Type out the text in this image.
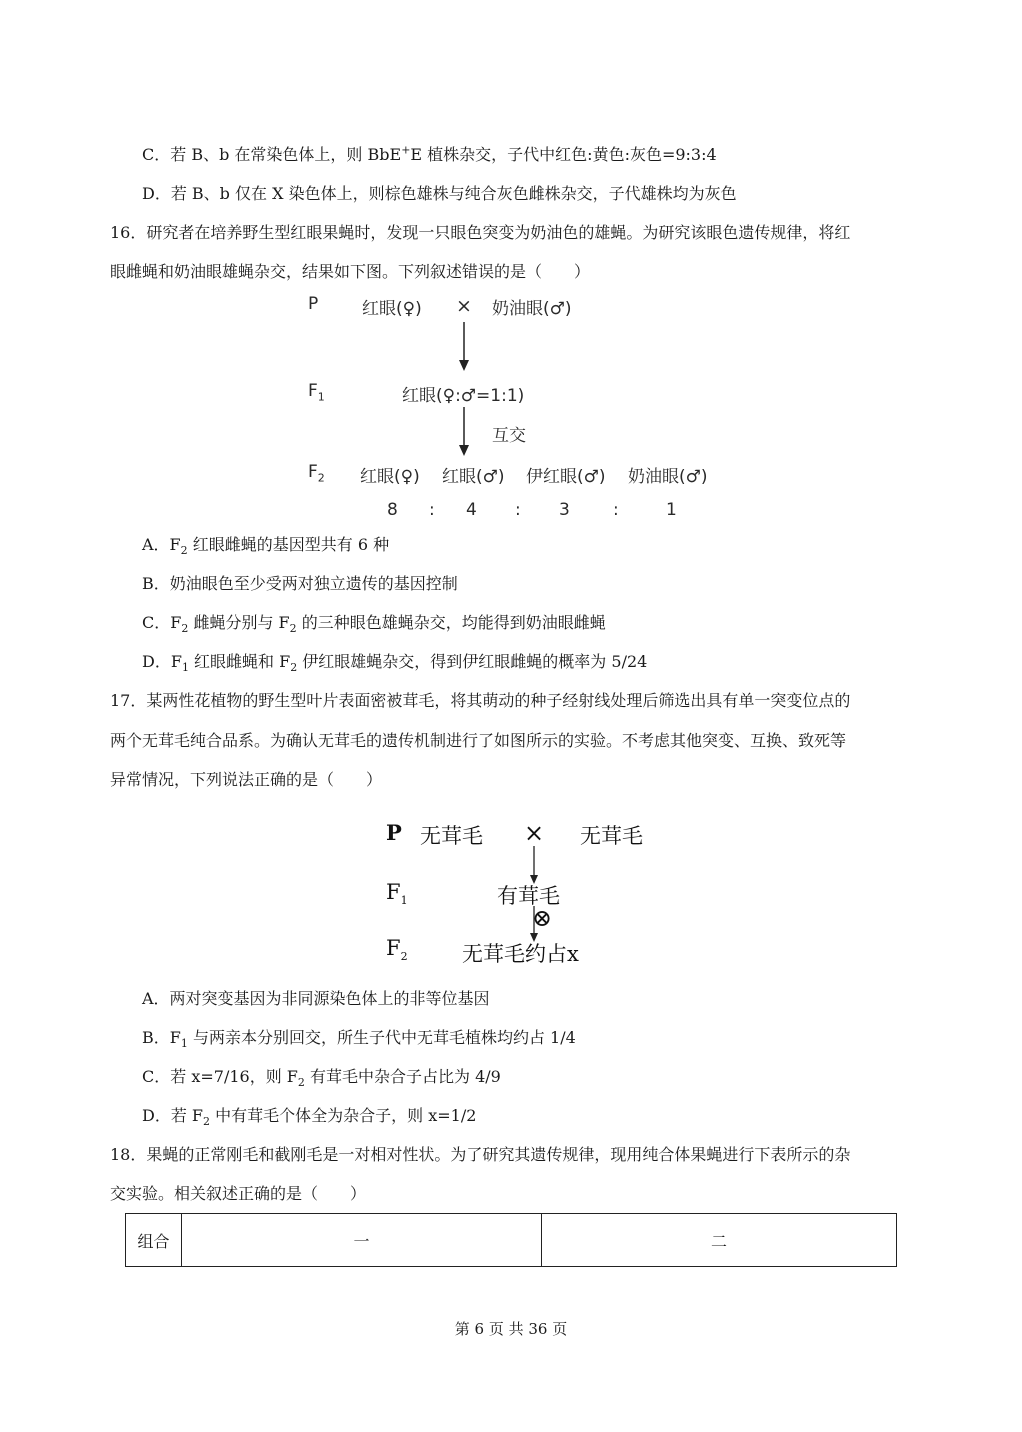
C．若 B、b 在常染色体上，则 BbE+E 植株杂交，子代中红色:黄色:灰色=9:3:4
D．若 B、b 仅在 X 染色体上，则棕色雄株与纯合灰色雌株杂交，子代雄株均为灰色
16．研究者在培养野生型红眼果蝇时，发现一只眼色突变为奶油色的雄蝇。为研究该眼色遗传规律，将红
眼雌蝇和奶油眼雄蝇杂交，结果如下图。下列叙述错误的是（　　）
P	红眼(♀) × 奶油眼(♂)
$F_1$	红眼(♀:♂=1:1)
互交
$F_2$ 红眼(♀) 红眼(♂) 伊红眼(♂) 奶油眼(♂)
8 : 4 : 3	:	1
A．$F_2$ 红眼雌蝇的基因型共有 6 种
B．奶油眼色至少受两对独立遗传的基因控制
C．$F_2$ 雌蝇分别与 $F_2$ 的三种眼色雄蝇杂交，均能得到奶油眼雌蝇
D．$F_1$ 红眼雌蝇和 $F_2$ 伊红眼雄蝇杂交，得到伊红眼雌蝇的概率为 5/24
17．某两性花植物的野生型叶片表面密被茸毛，将其萌动的种子经射线处理后筛选出具有单一突变位点的
两个无茸毛纯合品系。为确认无茸毛的遗传机制进行了如图所示的实验。不考虑其他突变、互换、致死等
异常情况，下列说法正确的是（　　）
P 无茸毛 × 无茸毛
$F_1$	有茸毛
⊗
$F_2$	无茸毛约占x
A．两对突变基因为非同源染色体上的非等位基因
B．$F_1$ 与两亲本分别回交，所生子代中无茸毛植株均约占 1/4
C．若 x=7/16，则 $F_2$ 有茸毛中杂合子占比为 4/9
D．若 $F_2$ 中有茸毛个体全为杂合子，则 x=1/2
18．果蝇的正常刚毛和截刚毛是一对相对性状。为了研究其遗传规律，现用纯合体果蝇进行下表所示的杂
交实验。相关叙述正确的是（　　）
组合	一	二
第 6 页 共 36 页
